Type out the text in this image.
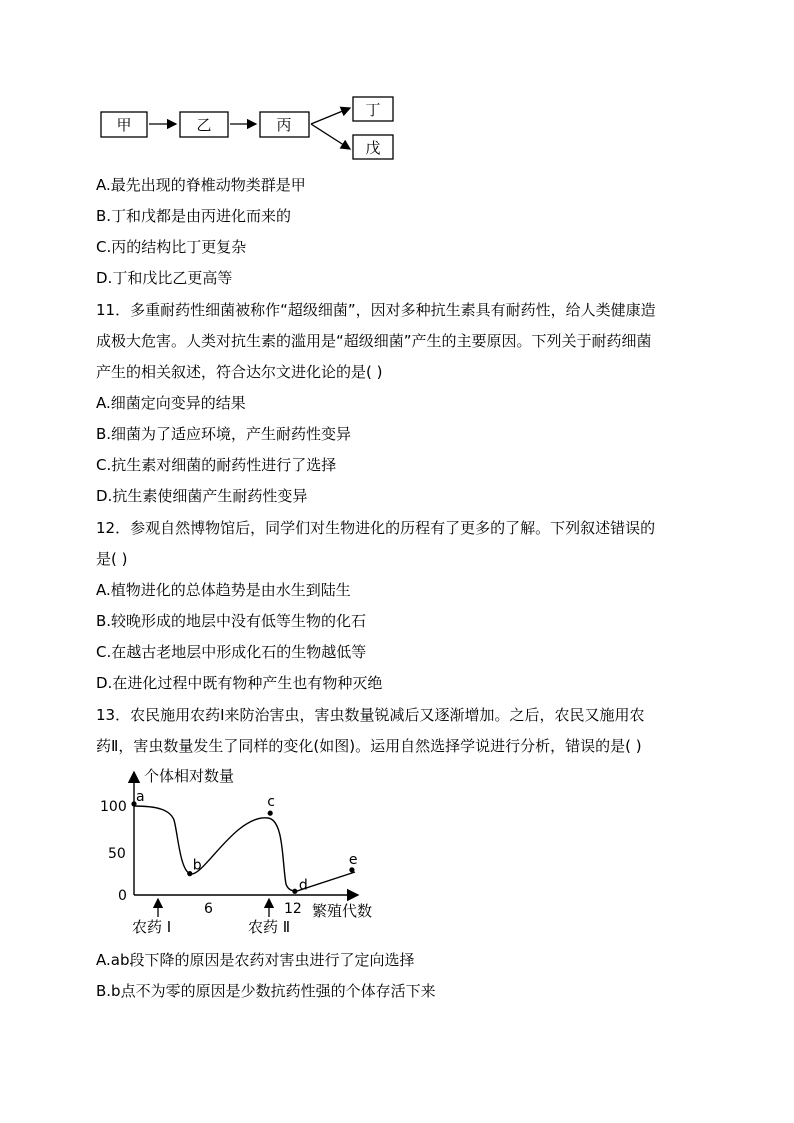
甲	乙	丙
丁
戊
A.最先出现的脊椎动物类群是甲
B.丁和戊都是由丙进化而来的
C.丙的结构比丁更复杂
D.丁和戊比乙更高等
11．多重耐药性细菌被称作“超级细菌”，因对多种抗生素具有耐药性，给人类健康造
成极大危害。人类对抗生素的滥用是“超级细菌”产生的主要原因。下列关于耐药细菌
产生的相关叙述，符合达尔文进化论的是( )
A.细菌定向变异的结果
B.细菌为了适应环境，产生耐药性变异
C.抗生素对细菌的耐药性进行了选择
D.抗生素使细菌产生耐药性变异
12．参观自然博物馆后，同学们对生物进化的历程有了更多的了解。下列叙述错误的
是( )
A.植物进化的总体趋势是由水生到陆生
B.较晚形成的地层中没有低等生物的化石
C.在越古老地层中形成化石的生物越低等
D.在进化过程中既有物种产生也有物种灭绝
13．农民施用农药Ⅰ来防治害虫，害虫数量锐减后又逐渐增加。之后，农民又施用农
药Ⅱ，害虫数量发生了同样的变化(如图)。运用自然选择学说进行分析，错误的是( )
个体相对数量
繁殖代数
100
50
0
6	12
a
b
c
d
e
农药 Ⅰ	农药 Ⅱ
A.ab段下降的原因是农药对害虫进行了定向选择
B.b点不为零的原因是少数抗药性强的个体存活下来
